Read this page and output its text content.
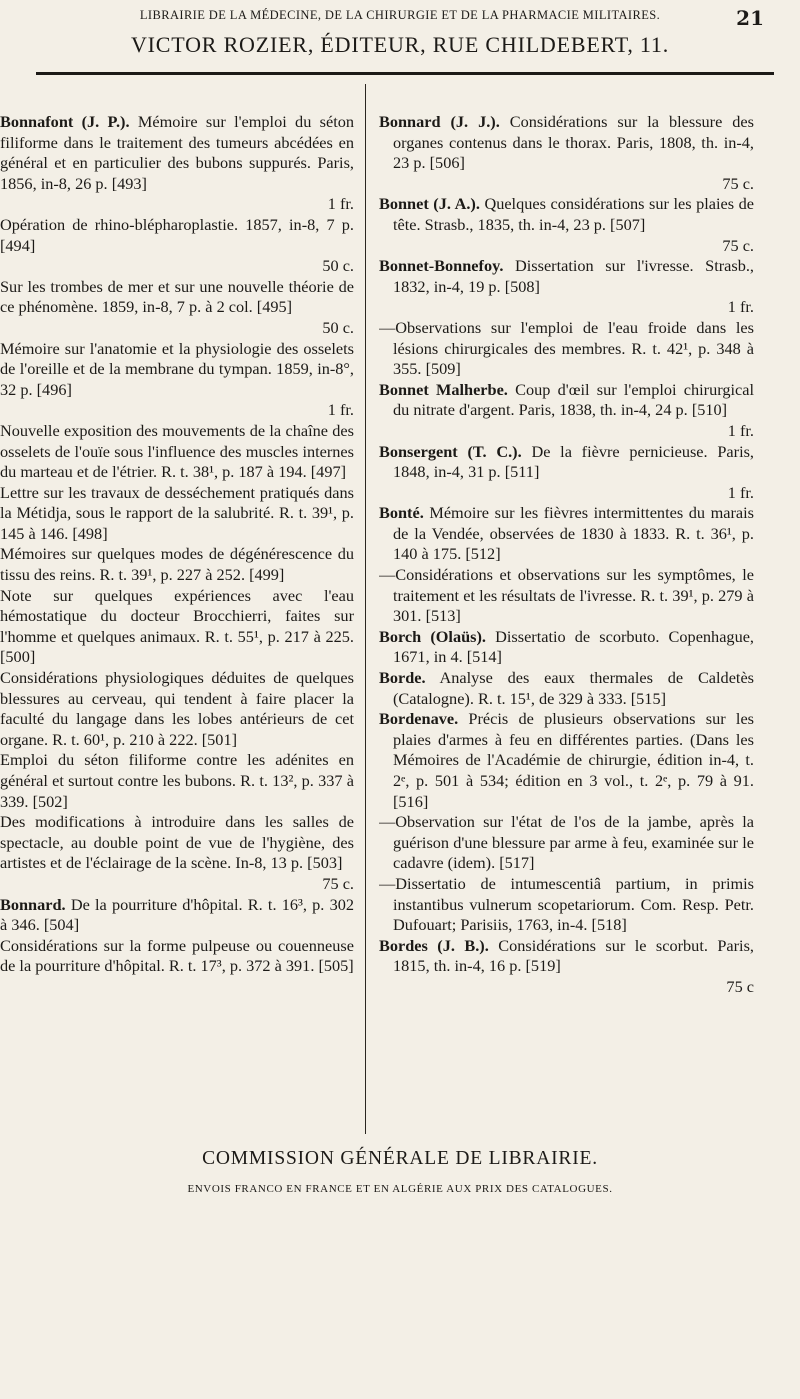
LIBRAIRIE DE LA MÉDECINE, DE LA CHIRURGIE ET DE LA PHARMACIE MILITAIRES.	21
VICTOR ROZIER, ÉDITEUR, RUE CHILDEBERT, 11.

Bonnafont (J. P.). Mémoire sur l'emploi du séton filiforme dans le traitement des tumeurs abcédées en général et en particulier des bubons suppurés. Paris, 1856, in-8, 26 p. [493]
1 fr.

Opération de rhino-blépharoplastie. 1857, in-8, 7 p. [494]
50 c.

Sur les trombes de mer et sur une nouvelle théorie de ce phénomène. 1859, in-8, 7 p. à 2 col. [495]
50 c.

Mémoire sur l'anatomie et la physiologie des osselets de l'oreille et de la membrane du tympan. 1859, in-8°, 32 p. [496]
1 fr.

Nouvelle exposition des mouvements de la chaîne des osselets de l'ouïe sous l'influence des muscles internes du marteau et de l'étrier. R. t. 38¹, p. 187 à 194. [497]

Lettre sur les travaux de desséchement pratiqués dans la Métidja, sous le rapport de la salubrité. R. t. 39¹, p. 145 à 146. [498]

Mémoires sur quelques modes de dégénérescence du tissu des reins. R. t. 39¹, p. 227 à 252. [499]

Note sur quelques expériences avec l'eau hémostatique du docteur Brocchierri, faites sur l'homme et quelques animaux. R. t. 55¹, p. 217 à 225. [500]

Considérations physiologiques déduites de quelques blessures au cerveau, qui tendent à faire placer la faculté du langage dans les lobes antérieurs de cet organe. R. t. 60¹, p. 210 à 222. [501]

Emploi du séton filiforme contre les adénites en général et surtout contre les bubons. R. t. 13², p. 337 à 339. [502]

Des modifications à introduire dans les salles de spectacle, au double point de vue de l'hygiène, des artistes et de l'éclairage de la scène. In-8, 13 p. [503]
75 c.

Bonnard. De la pourriture d'hôpital. R. t. 16³, p. 302 à 346. [504]

Considérations sur la forme pulpeuse ou couenneuse de la pourriture d'hôpital. R. t. 17³, p. 372 à 391. [505]

Bonnard (J. J.). Considérations sur la blessure des organes contenus dans le thorax. Paris, 1808, th. in-4, 23 p. [506]
75 c.

Bonnet (J. A.). Quelques considérations sur les plaies de tête. Strasb., 1835, th. in-4, 23 p. [507]
75 c.

Bonnet-Bonnefoy. Dissertation sur l'ivresse. Strasb., 1832, in-4, 19 p. [508]
1 fr.

—Observations sur l'emploi de l'eau froide dans les lésions chirurgicales des membres. R. t. 42¹, p. 348 à 355. [509]

Bonnet Malherbe. Coup d'œil sur l'emploi chirurgical du nitrate d'argent. Paris, 1838, th. in-4, 24 p. [510]
1 fr.

Bonsergent (T. C.). De la fièvre pernicieuse. Paris, 1848, in-4, 31 p. [511]
1 fr.

Bonté. Mémoire sur les fièvres intermittentes du marais de la Vendée, observées de 1830 à 1833. R. t. 36¹, p. 140 à 175. [512]

—Considérations et observations sur les symptômes, le traitement et les résultats de l'ivresse. R. t. 39¹, p. 279 à 301. [513]

Borch (Olaüs). Dissertatio de scorbuto. Copenhague, 1671, in 4. [514]

Borde. Analyse des eaux thermales de Caldetès (Catalogne). R. t. 15¹, de 329 à 333. [515]

Bordenave. Précis de plusieurs observations sur les plaies d'armes à feu en différentes parties. (Dans les Mémoires de l'Académie de chirurgie, édition in-4, t. 2ᵉ, p. 501 à 534; édition en 3 vol., t. 2ᵉ, p. 79 à 91. [516]

—Observation sur l'état de l'os de la jambe, après la guérison d'une blessure par arme à feu, examinée sur le cadavre (idem). [517]

—Dissertatio de intumescentiâ partium, in primis instantibus vulnerum scopetariorum. Com. Resp. Petr. Dufouart; Parisiis, 1763, in-4. [518]

Bordes (J. B.). Considérations sur le scorbut. Paris, 1815, th. in-4, 16 p. [519]
75 c

COMMISSION GÉNÉRALE DE LIBRAIRIE.
ENVOIS FRANCO EN FRANCE ET EN ALGÉRIE AUX PRIX DES CATALOGUES.
